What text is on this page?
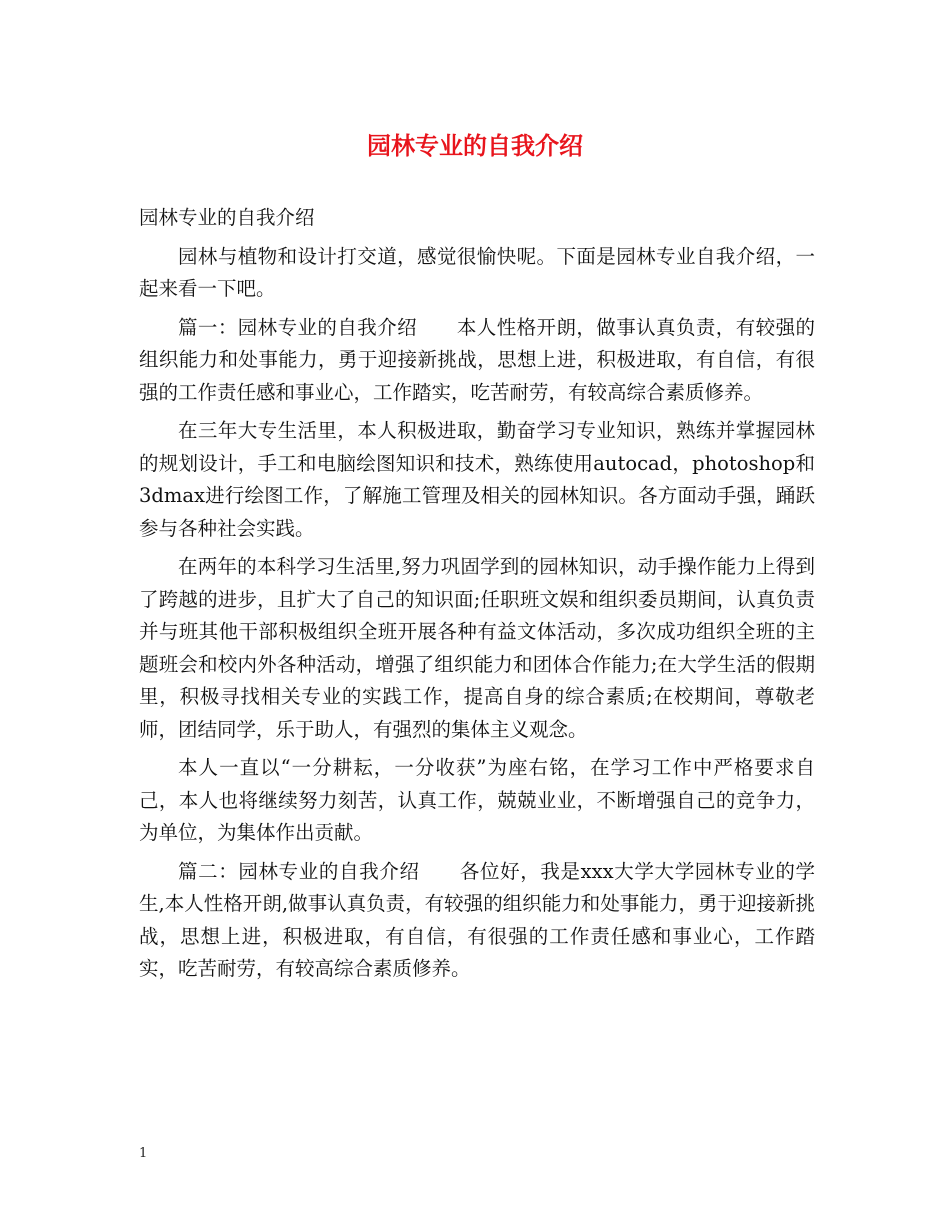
园林专业的自我介绍

园林专业的自我介绍

园林与植物和设计打交道，感觉很愉快呢。下面是园林专业自我介绍，一起来看一下吧。

篇一：园林专业的自我介绍　　本人性格开朗，做事认真负责，有较强的组织能力和处事能力，勇于迎接新挑战，思想上进，积极进取，有自信，有很强的工作责任感和事业心，工作踏实，吃苦耐劳，有较高综合素质修养。

在三年大专生活里，本人积极进取，勤奋学习专业知识，熟练并掌握园林的规划设计，手工和电脑绘图知识和技术，熟练使用autocad，photoshop和3dmax进行绘图工作，了解施工管理及相关的园林知识。各方面动手强，踊跃参与各种社会实践。

在两年的本科学习生活里,努力巩固学到的园林知识，动手操作能力上得到了跨越的进步，且扩大了自己的知识面;任职班文娱和组织委员期间，认真负责并与班其他干部积极组织全班开展各种有益文体活动，多次成功组织全班的主题班会和校内外各种活动，增强了组织能力和团体合作能力;在大学生活的假期里，积极寻找相关专业的实践工作，提高自身的综合素质;在校期间，尊敬老师，团结同学，乐于助人，有强烈的集体主义观念。

本人一直以“一分耕耘，一分收获”为座右铭，在学习工作中严格要求自己，本人也将继续努力刻苦，认真工作，兢兢业业，不断增强自己的竞争力，为单位，为集体作出贡献。

篇二：园林专业的自我介绍　　各位好，我是xxx大学大学园林专业的学生,本人性格开朗,做事认真负责，有较强的组织能力和处事能力，勇于迎接新挑战，思想上进，积极进取，有自信，有很强的工作责任感和事业心，工作踏实，吃苦耐劳，有较高综合素质修养。

1
